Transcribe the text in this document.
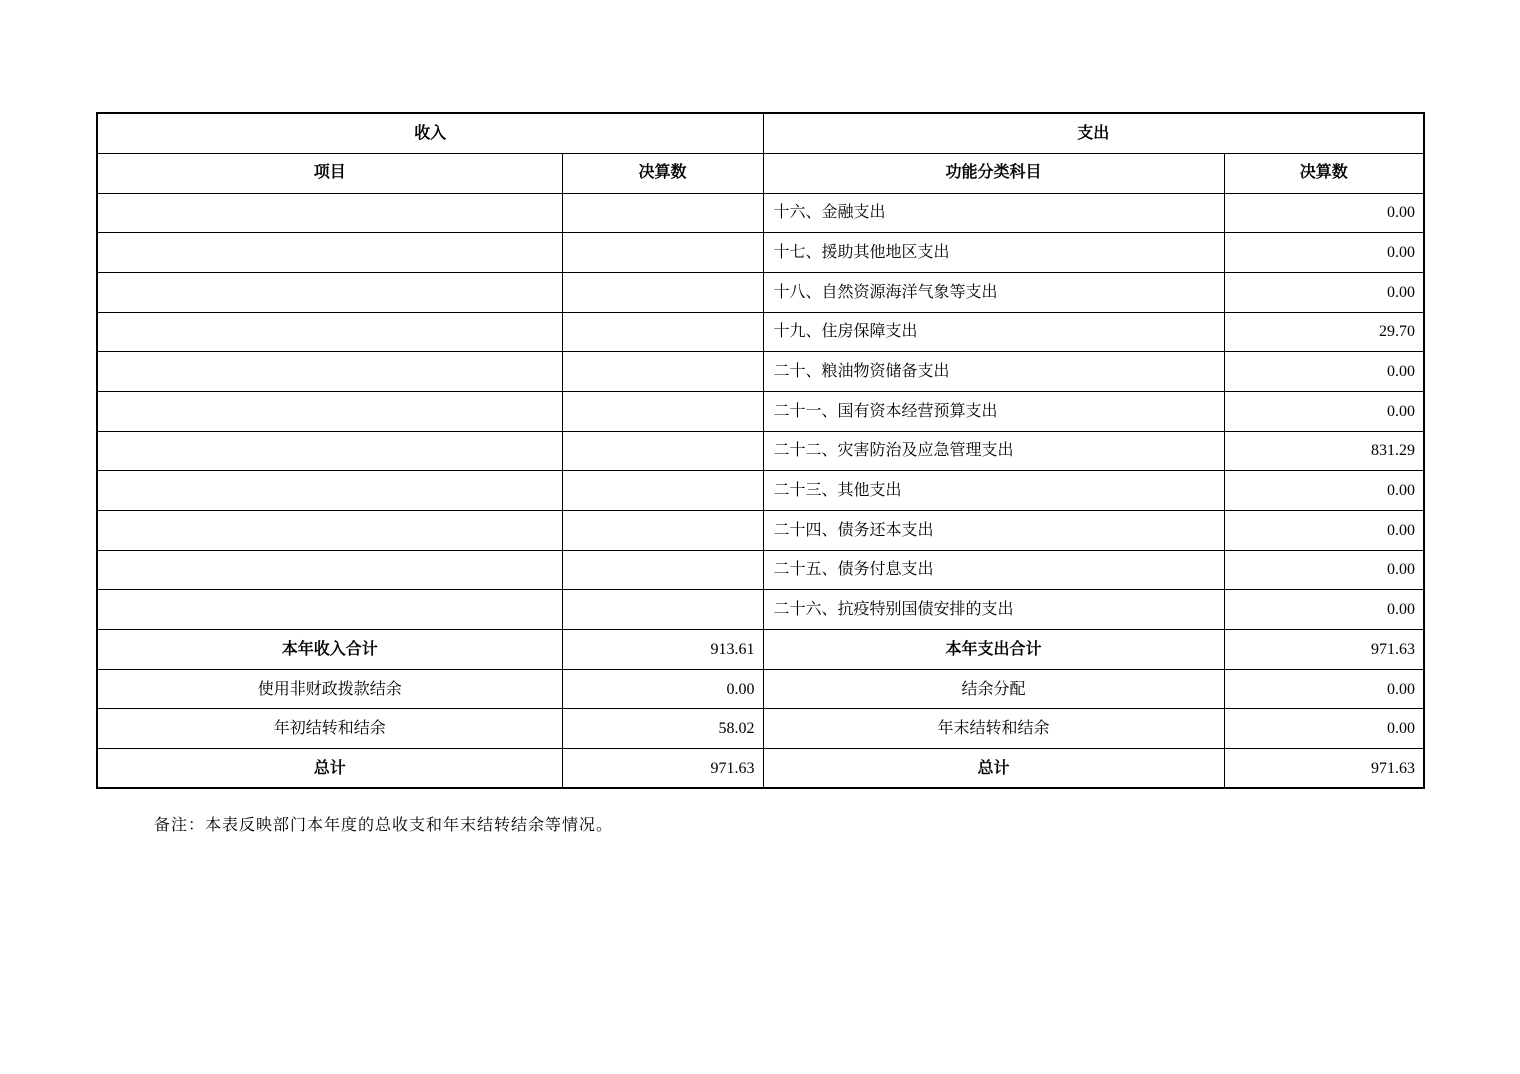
收入		支出	
项目	决算数	功能分类科目	决算数
		十六、金融支出	0.00
		十七、援助其他地区支出	0.00
		十八、自然资源海洋气象等支出	0.00
		十九、住房保障支出	29.70
		二十、粮油物资储备支出	0.00
		二十一、国有资本经营预算支出	0.00
		二十二、灾害防治及应急管理支出	831.29
		二十三、其他支出	0.00
		二十四、债务还本支出	0.00
		二十五、债务付息支出	0.00
		二十六、抗疫特别国债安排的支出	0.00
本年收入合计	913.61	本年支出合计	971.63
使用非财政拨款结余	0.00	结余分配	0.00
年初结转和结余	58.02	年末结转和结余	0.00
总计	971.63	总计	971.63
备注：本表反映部门本年度的总收支和年末结转结余等情况。
